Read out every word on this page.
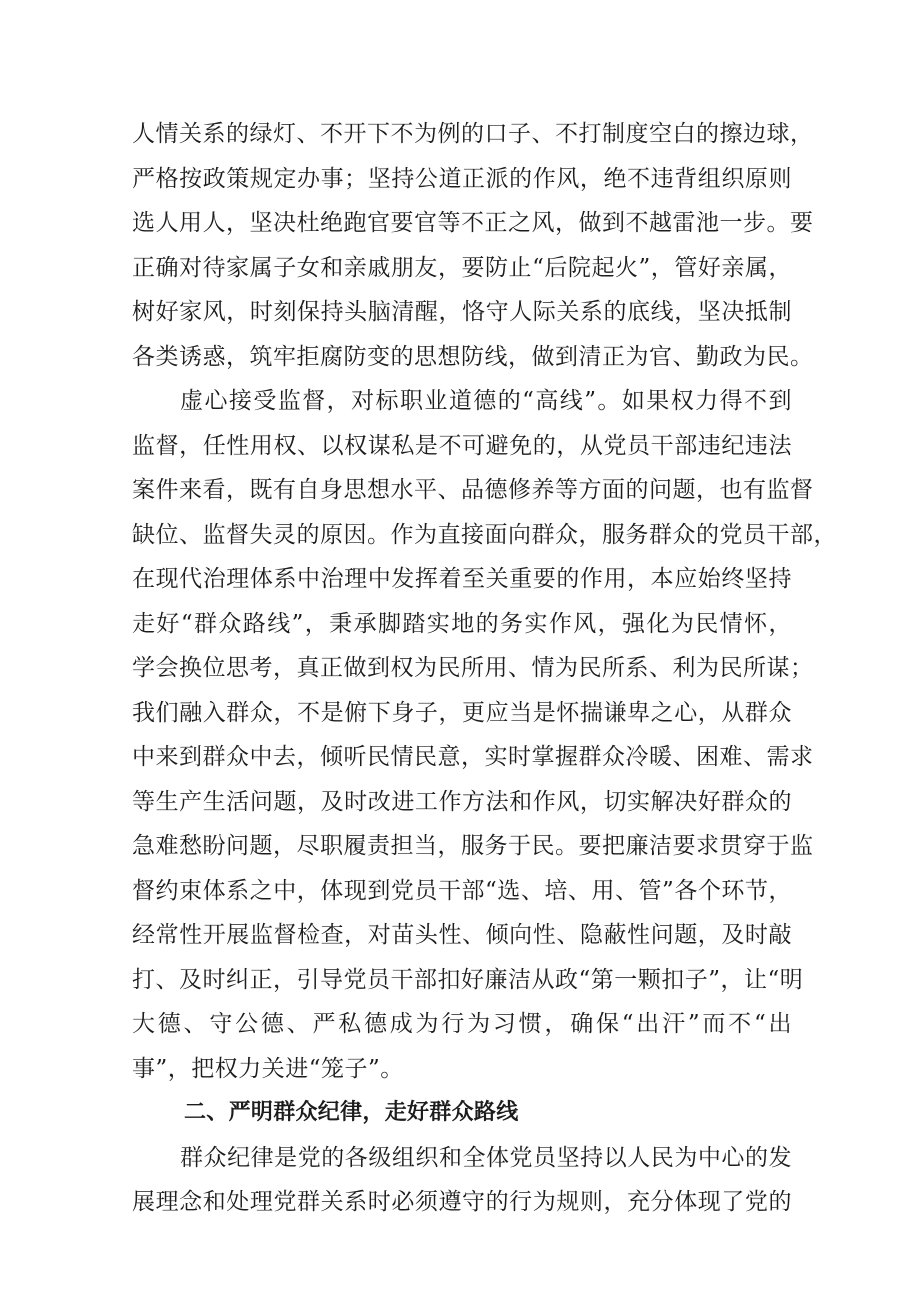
人情关系的绿灯、不开下不为例的口子、不打制度空白的擦边球，
严格按政策规定办事；坚持公道正派的作风，绝不违背组织原则
选人用人，坚决杜绝跑官要官等不正之风，做到不越雷池一步。要
正确对待家属子女和亲戚朋友，要防止“后院起火”，管好亲属，
树好家风，时刻保持头脑清醒，恪守人际关系的底线，坚决抵制
各类诱惑，筑牢拒腐防变的思想防线，做到清正为官、勤政为民。
虚心接受监督，对标职业道德的“高线”。如果权力得不到
监督，任性用权、以权谋私是不可避免的，从党员干部违纪违法
案件来看，既有自身思想水平、品德修养等方面的问题，也有监督
缺位、监督失灵的原因。作为直接面向群众，服务群众的党员干部，
在现代治理体系中治理中发挥着至关重要的作用，本应始终坚持
走好“群众路线”，秉承脚踏实地的务实作风，强化为民情怀，
学会换位思考，真正做到权为民所用、情为民所系、利为民所谋；
我们融入群众，不是俯下身子，更应当是怀揣谦卑之心，从群众
中来到群众中去，倾听民情民意，实时掌握群众冷暖、困难、需求
等生产生活问题，及时改进工作方法和作风，切实解决好群众的
急难愁盼问题，尽职履责担当，服务于民。要把廉洁要求贯穿于监
督约束体系之中，体现到党员干部“选、培、用、管”各个环节，
经常性开展监督检查，对苗头性、倾向性、隐蔽性问题，及时敲
打、及时纠正，引导党员干部扣好廉洁从政“第一颗扣子”，让“明
大德、守公德、严私德成为行为习惯，确保“出汗”而不“出
事”，把权力关进“笼子”。
二、严明群众纪律，走好群众路线
群众纪律是党的各级组织和全体党员坚持以人民为中心的发
展理念和处理党群关系时必须遵守的行为规则，充分体现了党的
